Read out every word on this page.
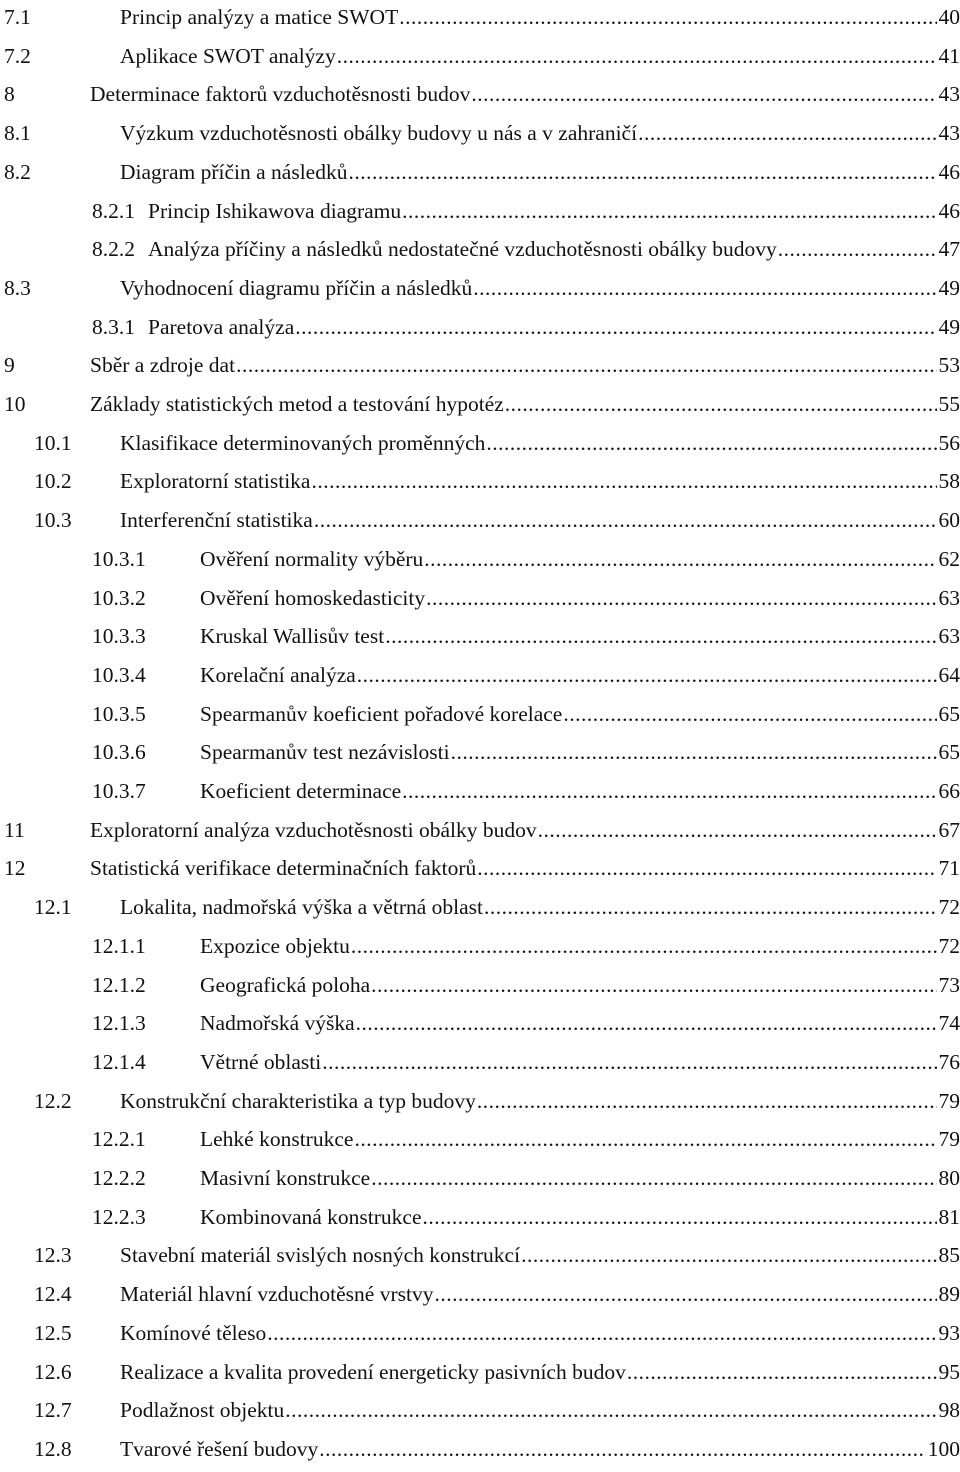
7.1	Princip analýzy a matice SWOT .....	40
7.2	Aplikace SWOT analýzy .....	41
8	Determinace faktorů vzduchotěsnosti budov .....	43
8.1	Výzkum vzduchotěsnosti obálky budovy u nás a v zahraničí .....	43
8.2	Diagram příčin a následků .....	46
8.2.1 Princip Ishikawova diagramu .....	46
8.2.2 Analýza příčiny a následků nedostatečné vzduchotěsnosti obálky budovy .....	47
8.3	Vyhodnocení diagramu příčin a následků .....	49
8.3.1 Paretova analýza .....	49
9	Sběr a zdroje dat .....	53
10	Základy statistických metod a testování hypotéz .....	55
10.1	Klasifikace determinovaných proměnných .....	56
10.2	Exploratorní statistika .....	58
10.3	Interferenční statistika .....	60
10.3.1	Ověření normality výběru .....	62
10.3.2	Ověření homoskedasticity .....	63
10.3.3	Kruskal Wallisův test .....	63
10.3.4	Korelační analýza .....	64
10.3.5	Spearmanův koeficient pořadové korelace .....	65
10.3.6	Spearmanův test nezávislosti .....	65
10.3.7	Koeficient determinace .....	66
11	Exploratorní analýza vzduchotěsnosti obálky budov .....	67
12	Statistická verifikace determinačních faktorů .....	71
12.1	Lokalita, nadmořská výška a větrná oblast .....	72
12.1.1	Expozice objektu .....	72
12.1.2	Geografická poloha .....	73
12.1.3	Nadmořská výška .....	74
12.1.4	Větrné oblasti .....	76
12.2	Konstrukční charakteristika a typ budovy .....	79
12.2.1	Lehké konstrukce .....	79
12.2.2	Masivní konstrukce .....	80
12.2.3	Kombinovaná konstrukce .....	81
12.3	Stavební materiál svislých nosných konstrukcí .....	85
12.4	Materiál hlavní vzduchotěsné vrstvy .....	89
12.5	Komínové těleso .....	93
12.6	Realizace a kvalita provedení energeticky pasivních budov .....	95
12.7	Podlažnost objektu .....	98
12.8	Tvarové řešení budovy .....	100
